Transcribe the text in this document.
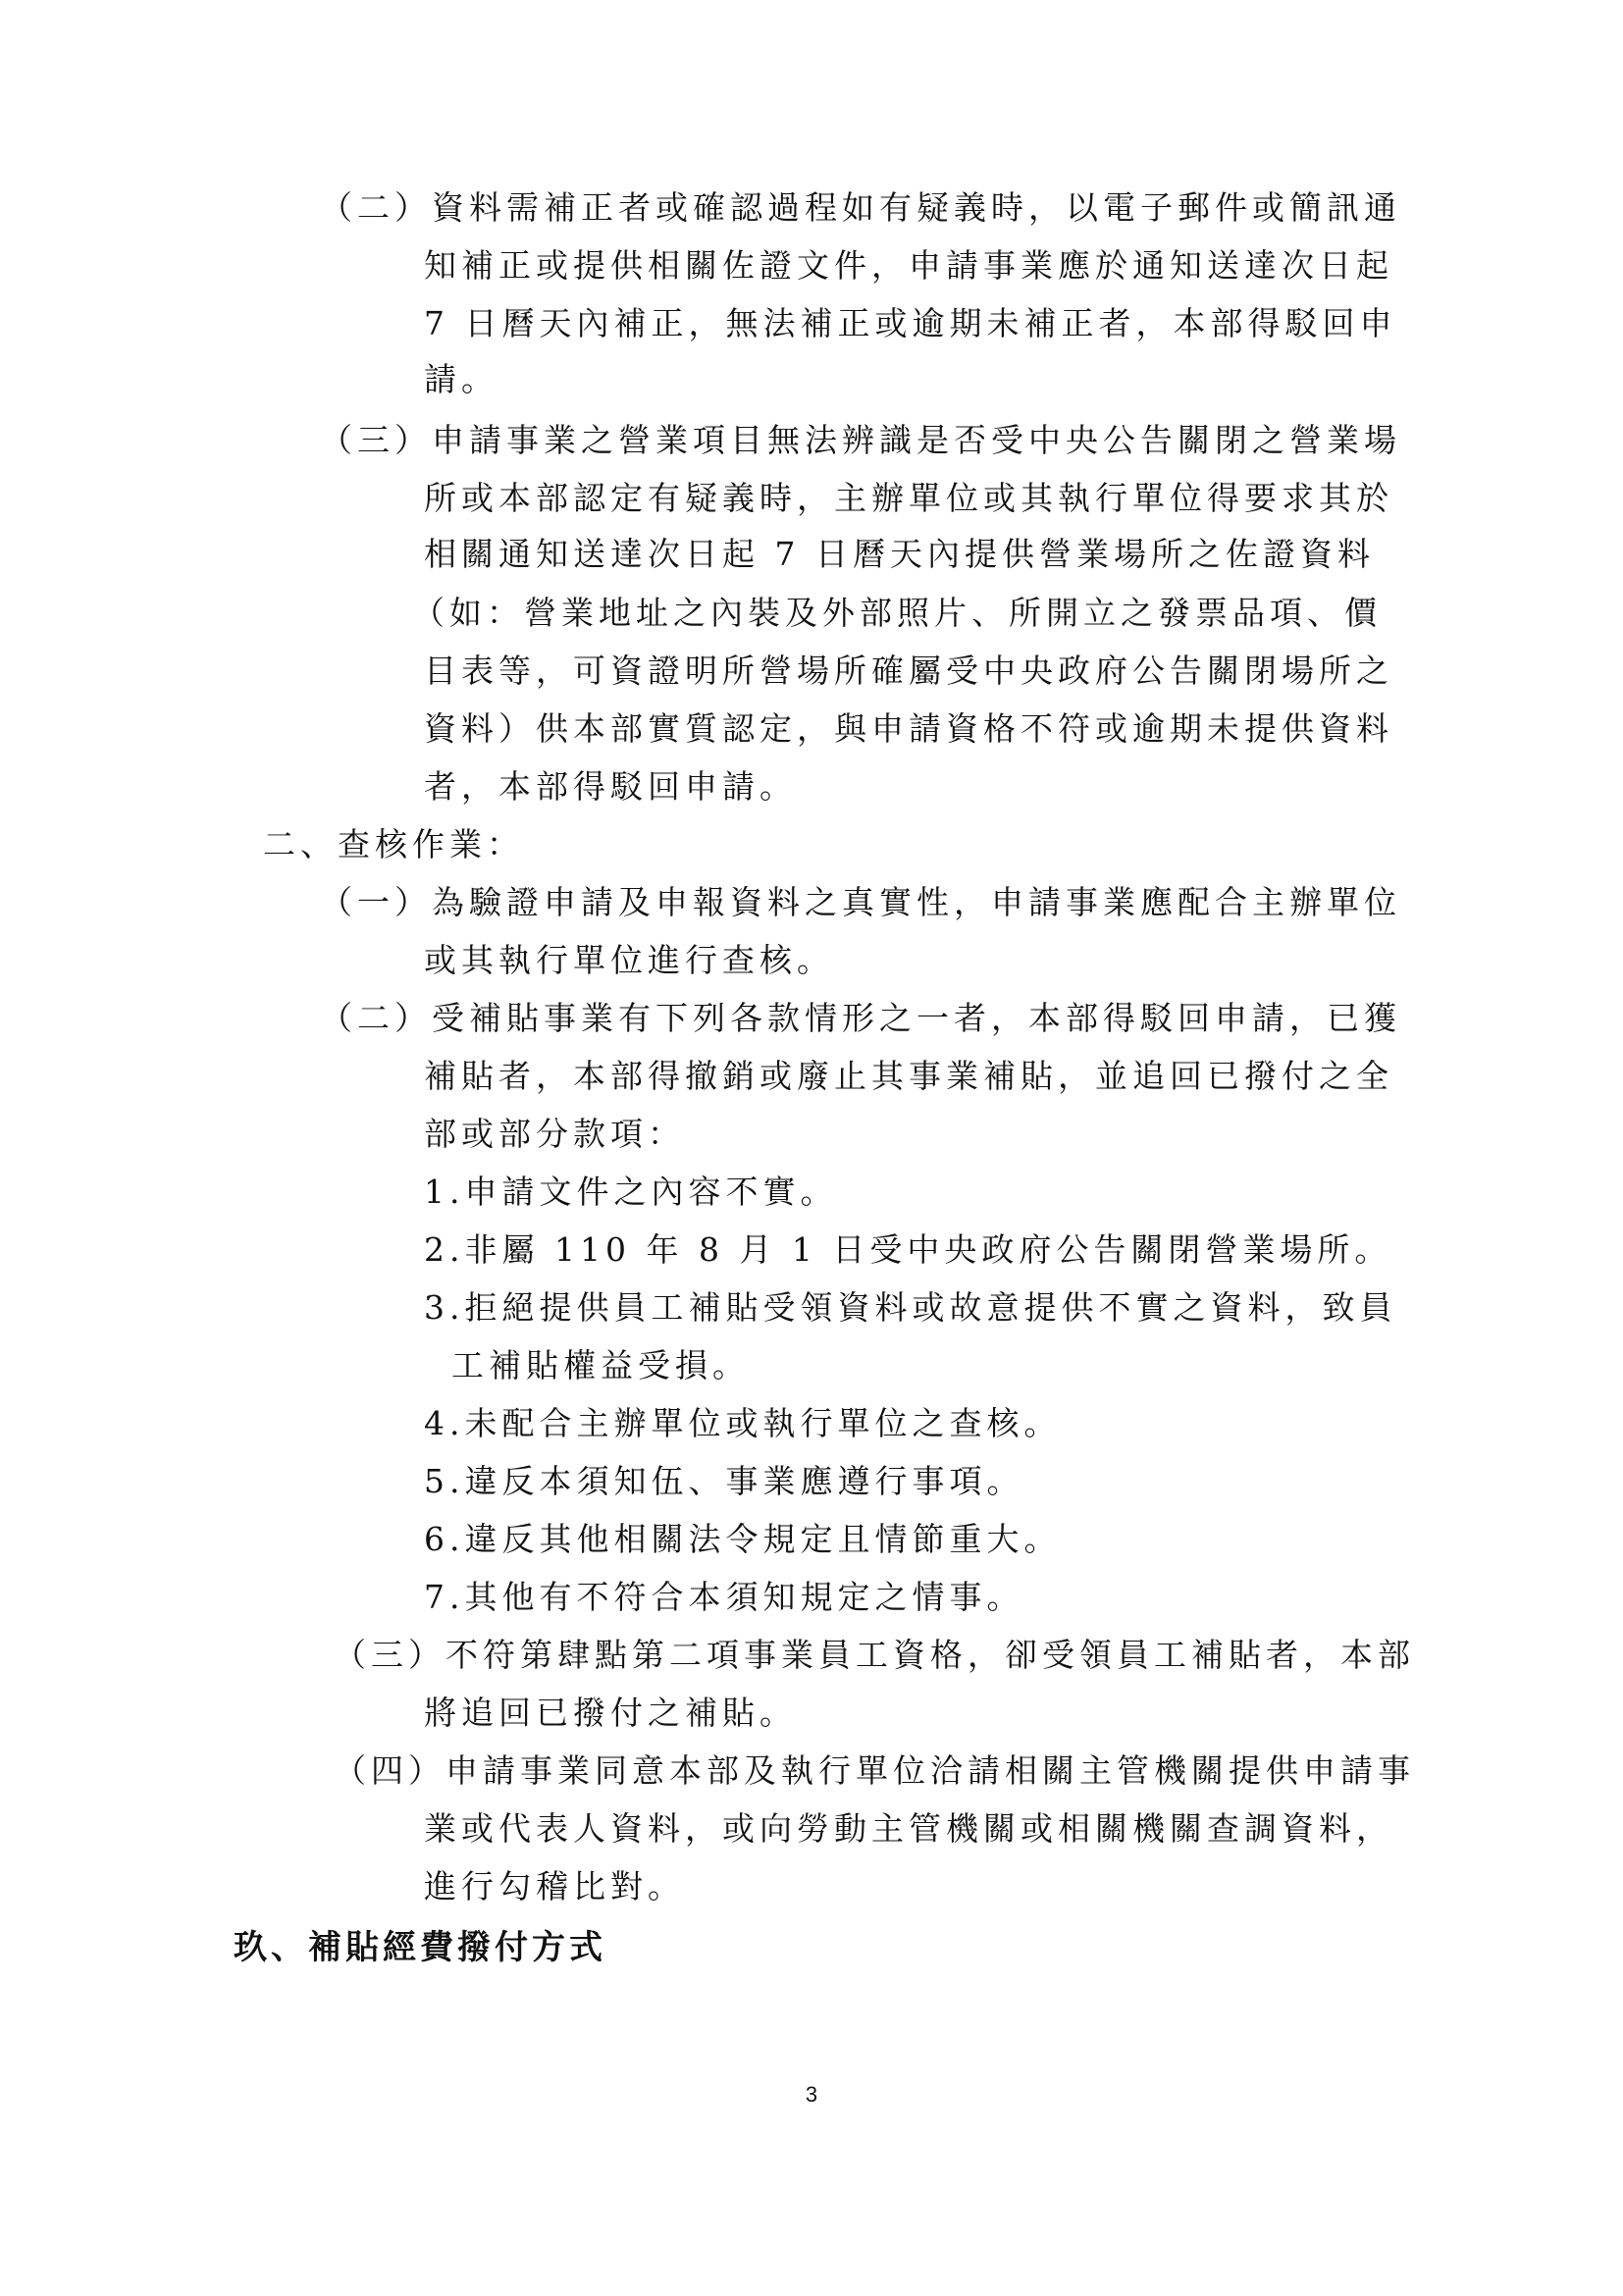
（二）資料需補正者或確認過程如有疑義時，以電子郵件或簡訊通
知補正或提供相關佐證文件，申請事業應於通知送達次日起
7 日曆天內補正，無法補正或逾期未補正者，本部得駁回申
請。
（三）申請事業之營業項目無法辨識是否受中央公告關閉之營業場
所或本部認定有疑義時，主辦單位或其執行單位得要求其於
相關通知送達次日起 7 日曆天內提供營業場所之佐證資料
（如：營業地址之內裝及外部照片、所開立之發票品項、價
目表等，可資證明所營場所確屬受中央政府公告關閉場所之
資料）供本部實質認定，與申請資格不符或逾期未提供資料
者，本部得駁回申請。
二、查核作業：
（一）為驗證申請及申報資料之真實性，申請事業應配合主辦單位
或其執行單位進行查核。
（二）受補貼事業有下列各款情形之一者，本部得駁回申請，已獲
補貼者，本部得撤銷或廢止其事業補貼，並追回已撥付之全
部或部分款項：
1.申請文件之內容不實。
2.非屬 110 年 8 月 1 日受中央政府公告關閉營業場所。
3.拒絕提供員工補貼受領資料或故意提供不實之資料，致員
工補貼權益受損。
4.未配合主辦單位或執行單位之查核。
5.違反本須知伍、事業應遵行事項。
6.違反其他相關法令規定且情節重大。
7.其他有不符合本須知規定之情事。
（三）不符第肆點第二項事業員工資格，卻受領員工補貼者，本部
將追回已撥付之補貼。
（四）申請事業同意本部及執行單位洽請相關主管機關提供申請事
業或代表人資料，或向勞動主管機關或相關機關查調資料，
進行勾稽比對。
玖、補貼經費撥付方式
3
